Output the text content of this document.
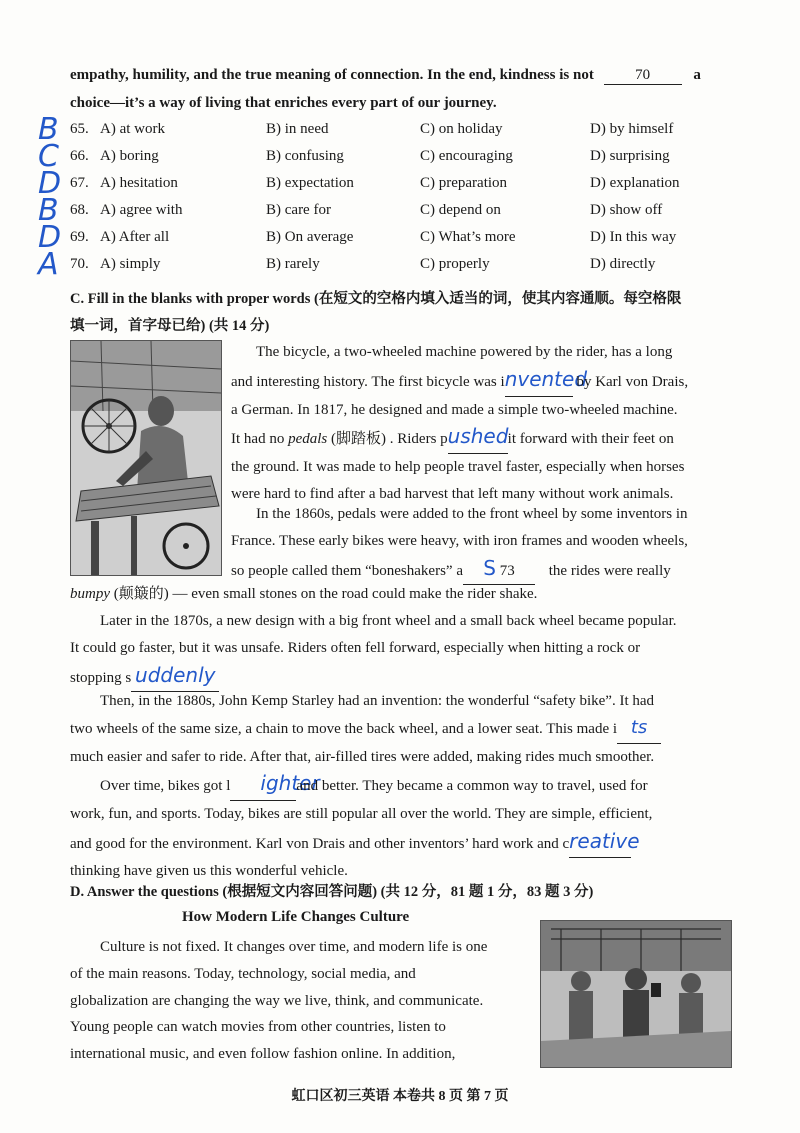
empathy, humility, and the true meaning of connection. In the end, kindness is not	70	a
choice—it’s a way of living that enriches every part of our journey.
65. A) at work	B) in need	C) on holiday	D) by himself
B
66. A) boring	B) confusing	C) encouraging	D) surprising
C
67. A) hesitation	B) expectation	C) preparation	D) explanation
D
68. A) agree with	B) care for	C) depend on	D) show off
B
69. A) After all	B) On average	C) What’s more	D) In this way
D
70. A) simply	B) rarely	C) properly	D) directly
A
C. Fill in the blanks with proper words (在短文的空格内填入适当的词，使其内容通顺。每空格限
填一词，首字母已给) (共 14 分)
The bicycle, a two-wheeled machine powered by the rider, has a long
and interesting history. The first bicycle was invented by Karl von Drais,
a German. In 1817, he designed and made a simple two-wheeled machine.
It had no pedals (脚踏板) . Riders pushedit forward with their feet on
the ground. It was made to help people travel faster, especially when horses
were hard to find after a bad harvest that left many without work animals.
In the 1860s, pedals were added to the front wheel by some inventors in
France. These early bikes were heavy, with iron frames and wooden wheels,
so people called them “boneshakers” a S 73 the rides were really
bumpy (颠簸的) — even small stones on the road could make the rider shake.
Later in the 1870s, a new design with a big front wheel and a small back wheel became popular.
It could go faster, but it was unsafe. Riders often fell forward, especially when hitting a rock or
stopping s uddenly
Then, in the 1880s, John Kemp Starley had an invention: the wonderful “safety bike”. It had
two wheels of the same size, a chain to move the back wheel, and a lower seat. This made i ts
much easier and safer to ride. After that, air-filled tires were added, making rides much smoother.
Over time, bikes got l ighterand better. They became a common way to travel, used for
work, fun, and sports. Today, bikes are still popular all over the world. They are simple, efficient,
and good for the environment. Karl von Drais and other inventors’ hard work and creative
thinking have given us this wonderful vehicle.
D. Answer the questions (根据短文内容回答问题) (共 12 分，81 题 1 分，83 题 3 分)
How Modern Life Changes Culture
Culture is not fixed. It changes over time, and modern life is one
of the main reasons. Today, technology, social media, and
globalization are changing the way we live, think, and communicate.
Young people can watch movies from other countries, listen to
international music, and even follow fashion online. In addition,
虹口区初三英语 本卷共 8 页 第 7 页
